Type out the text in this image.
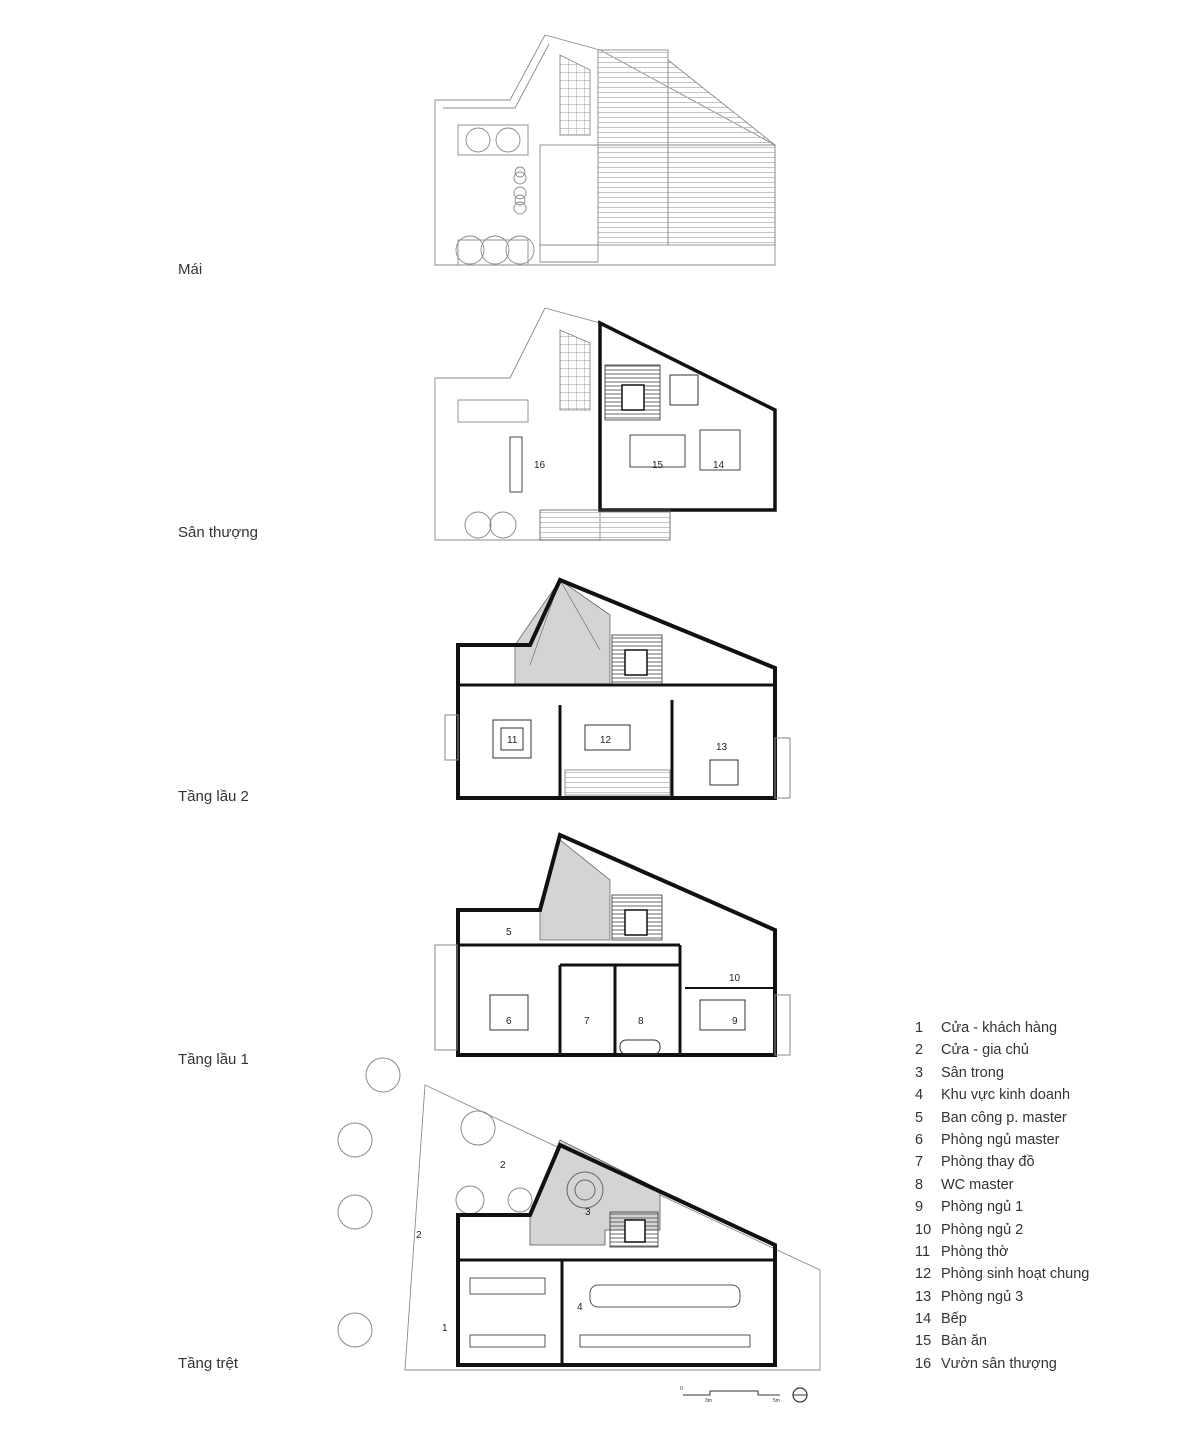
16	15	14
11	12
13
5
6	7	8	9
10
3
2
2
4
1
0
3m	5m
Mái
Sân thượng
Tầng lầu 2
Tầng lầu 1
Tầng trệt
1 Cửa - khách hàng
2 Cửa - gia chủ
3 Sân trong
4 Khu vực kinh doanh
5 Ban công p. master
6 Phòng ngủ master
7 Phòng thay đồ
8 WC master
9 Phòng ngủ 1
10 Phòng ngủ 2
11 Phòng thờ
12 Phòng sinh hoạt chung
13 Phòng ngủ 3
14 Bếp
15 Bàn ăn
16 Vườn sân thượng
